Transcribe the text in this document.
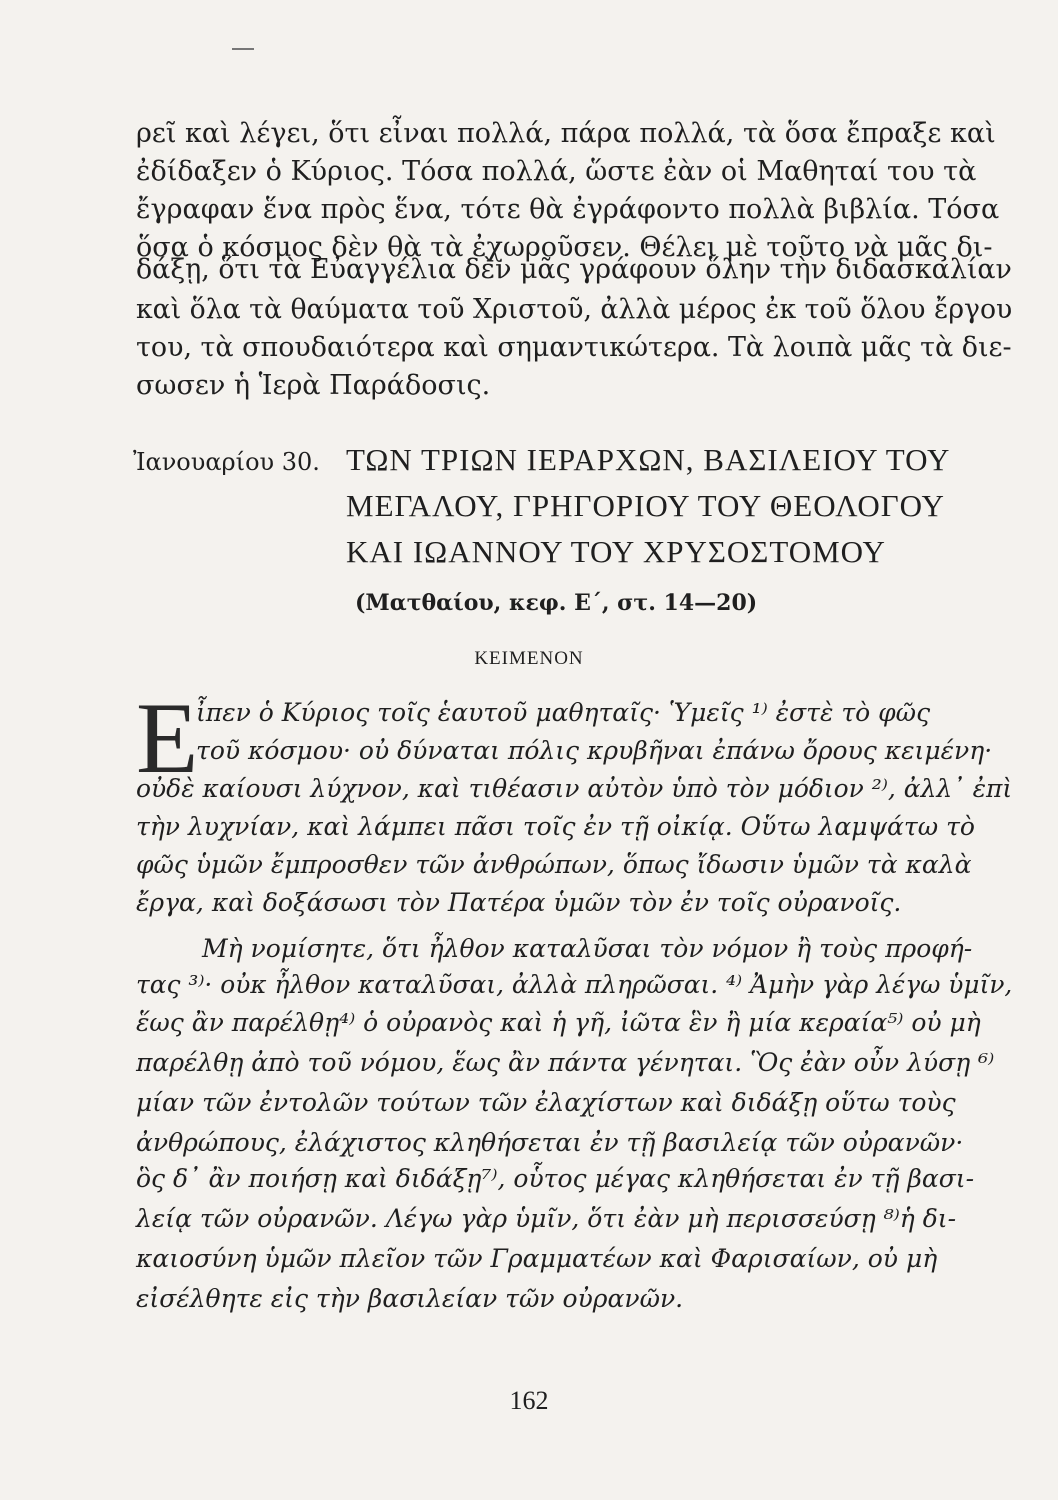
ρεῖ καὶ λέγει, ὅτι εἶναι πολλά, πάρα πολλά, τὰ ὅσα ἔπραξε καὶ
ἐδίδαξεν ὁ Κύριος. Τόσα πολλά, ὥστε ἐὰν οἱ Μαθηταί του τὰ
ἔγραφαν ἕνα πρὸς ἕνα, τότε θὰ ἐγράφοντο πολλὰ βιβλία. Τόσα
ὅσα ὁ κόσμος δὲν θὰ τὰ ἐχωροῦσεν. Θέλει μὲ τοῦτο νὰ μᾶς δι-
δάξῃ, ὅτι τὰ Εὐαγγέλια δὲν μᾶς γράφουν ὅλην τὴν διδασκαλίαν
καὶ ὅλα τὰ θαύματα τοῦ Χριστοῦ, ἀλλὰ μέρος ἐκ τοῦ ὅλου ἔργου
του, τὰ σπουδαιότερα καὶ σημαντικώτερα. Τὰ λοιπὰ μᾶς τὰ διε-
σωσεν ἡ Ἱερὰ Παράδοσις.
Ἰανουαρίου 30. ΤΩΝ ΤΡΙΩΝ ΙΕΡΑΡΧΩΝ, ΒΑΣΙΛΕΙΟΥ ΤΟΥ
ΜΕΓΑΛΟΥ, ΓΡΗΓΟΡΙΟΥ ΤΟΥ ΘΕΟΛΟΓΟΥ
ΚΑΙ ΙΩΑΝΝΟΥ ΤΟΥ ΧΡΥΣΟΣΤΟΜΟΥ
(Ματθαίου, κεφ. Ε΄, στ. 14—20)
ΚΕΙΜΕΝΟΝ
Ε
ἶπεν ὁ Κύριος τοῖς ἑαυτοῦ μαθηταῖς· Ὑμεῖς ¹⁾ ἐστὲ τὸ φῶς
τοῦ κόσμου· οὐ δύναται πόλις κρυβῆναι ἐπάνω ὄρους κειμένη·
οὐδὲ καίουσι λύχνον, καὶ τιθέασιν αὐτὸν ὑπὸ τὸν μόδιον ²⁾, ἀλλ᾽ ἐπὶ
τὴν λυχνίαν, καὶ λάμπει πᾶσι τοῖς ἐν τῇ οἰκίᾳ. Οὕτω λαμψάτω τὸ
φῶς ὑμῶν ἔμπροσθεν τῶν ἀνθρώπων, ὅπως ἴδωσιν ὑμῶν τὰ καλὰ
ἔργα, καὶ δοξάσωσι τὸν Πατέρα ὑμῶν τὸν ἐν τοῖς οὐρανοῖς.
Μὴ νομίσητε, ὅτι ἦλθον καταλῦσαι τὸν νόμον ἢ τοὺς προφή-
τας ³⁾· οὐκ ἦλθον καταλῦσαι, ἀλλὰ πληρῶσαι. ⁴⁾ Ἀμὴν γὰρ λέγω ὑμῖν,
ἕως ἂν παρέλθῃ⁴⁾ ὁ οὐρανὸς καὶ ἡ γῆ, ἰῶτα ἓν ἢ μία κεραία⁵⁾ οὐ μὴ
παρέλθῃ ἀπὸ τοῦ νόμου, ἕως ἂν πάντα γένηται. Ὃς ἐὰν οὖν λύσῃ ⁶⁾
μίαν τῶν ἐντολῶν τούτων τῶν ἐλαχίστων καὶ διδάξῃ οὕτω τοὺς
ἀνθρώπους, ἐλάχιστος κληθήσεται ἐν τῇ βασιλείᾳ τῶν οὐρανῶν·
ὃς δ᾽ ἂν ποιήσῃ καὶ διδάξῃ⁷⁾, οὗτος μέγας κληθήσεται ἐν τῇ βασι-
λείᾳ τῶν οὐρανῶν. Λέγω γὰρ ὑμῖν, ὅτι ἐὰν μὴ περισσεύσῃ ⁸⁾ἡ δι-
καιοσύνη ὑμῶν πλεῖον τῶν Γραμματέων καὶ Φαρισαίων, οὐ μὴ
εἰσέλθητε εἰς τὴν βασιλείαν τῶν οὐρανῶν.
162
